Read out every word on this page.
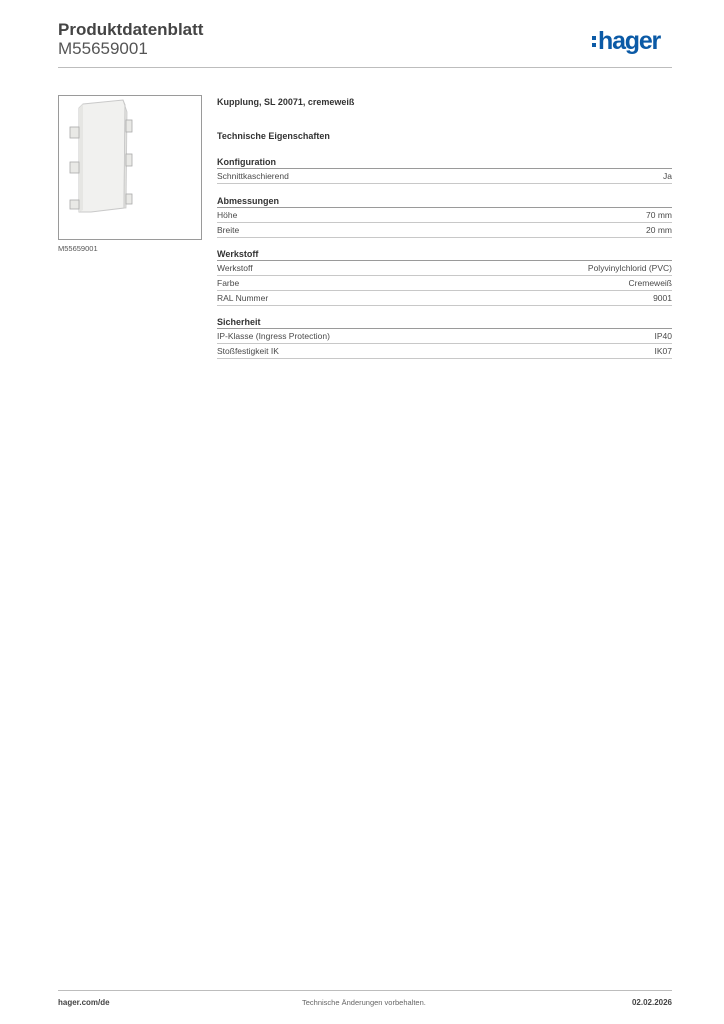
Produktdatenblatt
M55659001	hager
M55659001
Kupplung, SL 20071, cremeweiß
Technische Eigenschaften
Konfiguration
Schnittkaschierend	Ja
Abmessungen
Höhe	70 mm
Breite	20 mm
Werkstoff
Werkstoff	Polyvinylchlorid (PVC)
Farbe	Cremeweiß
RAL Nummer	9001
Sicherheit
IP-Klasse (Ingress Protection)	IP40
Stoßfestigkeit IK	IK07
hager.com/de	Technische Änderungen vorbehalten.	02.02.2026
